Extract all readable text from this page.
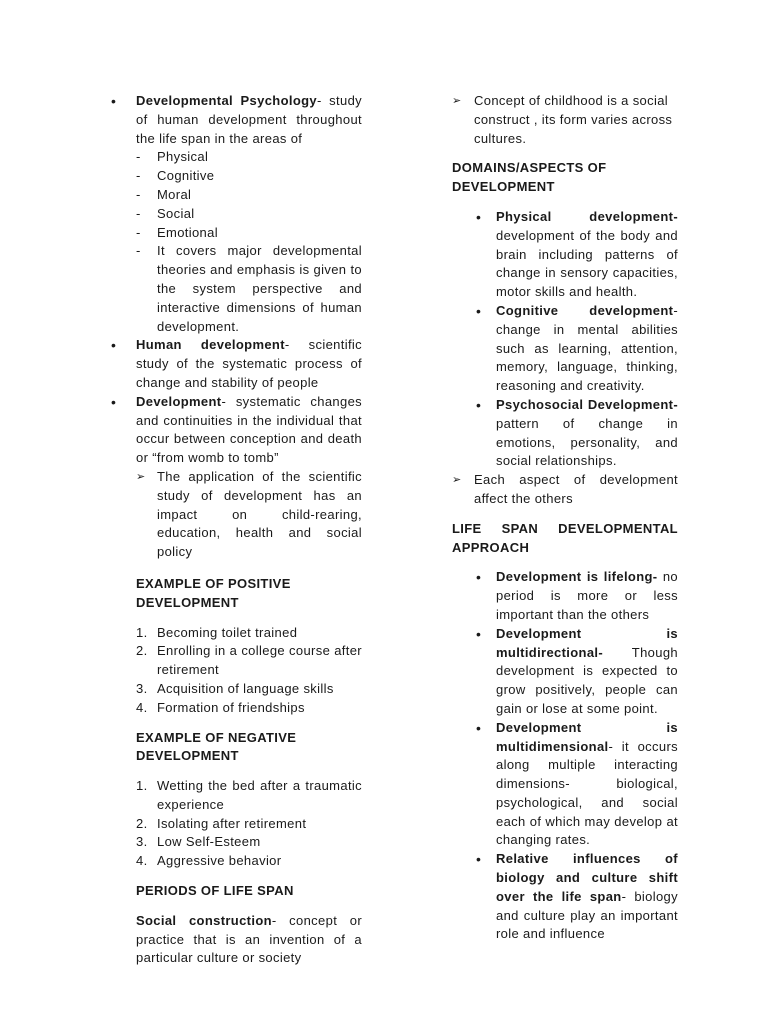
• Developmental Psychology- study of human development throughout the life span in the areas of
- Physical
- Cognitive
- Moral
- Social
- Emotional
- It covers major developmental theories and emphasis is given to the system perspective and interactive dimensions of human development.
• Human development- scientific study of the systematic process of change and stability of people
• Development- systematic changes and continuities in the individual that occur between conception and death or “from womb to tomb”
➢ The application of the scientific study of development has an impact on child-rearing, education, health and social policy
EXAMPLE OF POSITIVE DEVELOPMENT
1. Becoming toilet trained
2. Enrolling in a college course after retirement
3. Acquisition of language skills
4. Formation of friendships
EXAMPLE OF NEGATIVE DEVELOPMENT
1. Wetting the bed after a traumatic experience
2. Isolating after retirement
3. Low Self-Esteem
4. Aggressive behavior
PERIODS OF LIFE SPAN
Social construction- concept or practice that is an invention of a particular culture or society
➢ Concept of childhood is a social construct , its form varies across cultures.
DOMAINS/ASPECTS OF DEVELOPMENT
• Physical development- development of the body and brain including patterns of change in sensory capacities, motor skills and health.
• Cognitive development- change in mental abilities such as learning, attention, memory, language, thinking, reasoning and creativity.
• Psychosocial Development- pattern of change in emotions, personality, and social relationships.
➢ Each aspect of development affect the others
LIFE SPAN DEVELOPMENTAL
APPROACH
• Development is lifelong- no period is more or less important than the others
• Development is multidirectional- Though development is expected to grow positively, people can gain or lose at some point.
• Development is multidimensional- it occurs along multiple interacting dimensions- biological, psychological, and social each of which may develop at changing rates.
• Relative influences of biology and culture shift over the life span- biology and culture play an important role and influence
